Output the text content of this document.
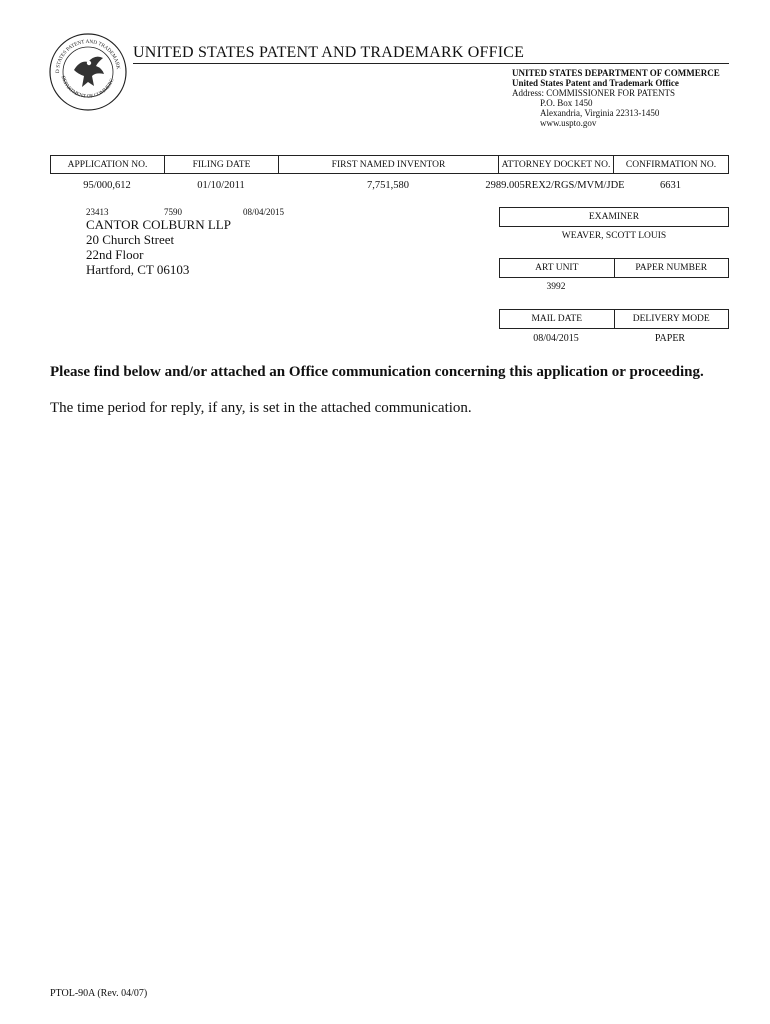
D STATES PATENT AND TRADEMARK
DEPARTMENT OF COMMERC
UNITED STATES PATENT AND TRADEMARK OFFICE
UNITED STATES DEPARTMENT OF COMMERCE
United States Patent and Trademark Office
Address: COMMISSIONER FOR PATENTS
P.O. Box 1450
Alexandria, Virginia 22313-1450
www.uspto.gov
APPLICATION NO.	FILING DATE	FIRST NAMED INVENTOR	ATTORNEY DOCKET NO.	CONFIRMATION NO.
95/000,612	01/10/2011	7,751,580	2989.005REX2/RGS/MVM/JDE	6631
23413	7590	08/04/2015
CANTOR COLBURN LLP
20 Church Street
22nd Floor
Hartford, CT 06103
EXAMINER
WEAVER, SCOTT LOUIS
ART UNIT	PAPER NUMBER
3992
MAIL DATE	DELIVERY MODE
08/04/2015	PAPER
Please find below and/or attached an Office communication concerning this application or proceeding.
The time period for reply, if any, is set in the attached communication.
PTOL-90A (Rev. 04/07)
